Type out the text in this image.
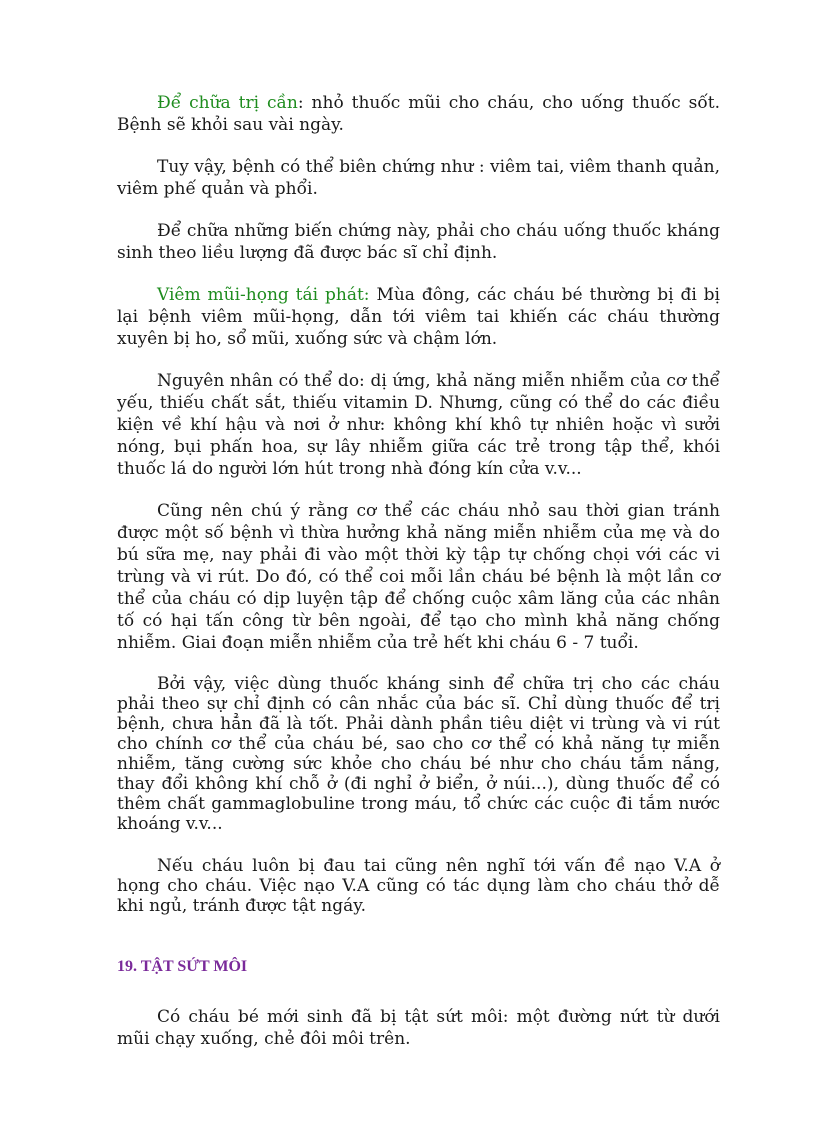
Để chữa trị cần: nhỏ thuốc mũi cho cháu, cho uống thuốc sốt. Bệnh sẽ khỏi sau vài ngày.

Tuy vậy, bệnh có thể biên chứng như : viêm tai, viêm thanh quản, viêm phế quản và phổi.

Để chữa những biến chứng này, phải cho cháu uống thuốc kháng sinh theo liều lượng đã được bác sĩ chỉ định.

Viêm mũi-họng tái phát: Mùa đông, các cháu bé thường bị đi bị lại bệnh viêm mũi-họng, dẫn tới viêm tai khiến các cháu thường xuyên bị ho, sổ mũi, xuống sức và chậm lớn.

Nguyên nhân có thể do: dị ứng, khả năng miễn nhiễm của cơ thể yếu, thiếu chất sắt, thiếu vitamin D. Nhưng, cũng có thể do các điều kiện về khí hậu và nơi ở như: không khí khô tự nhiên hoặc vì sưởi nóng, bụi phấn hoa, sự lây nhiễm giữa các trẻ trong tập thể, khói thuốc lá do người lớn hút trong nhà đóng kín cửa v.v...

Cũng nên chú ý rằng cơ thể các cháu nhỏ sau thời gian tránh được một số bệnh vì thừa hưởng khả năng miễn nhiễm của mẹ và do bú sữa mẹ, nay phải đi vào một thời kỳ tập tự chống chọi với các vi trùng và vi rút. Do đó, có thể coi mỗi lần cháu bé bệnh là một lần cơ thể của cháu có dịp luyện tập để chống cuộc xâm lăng của các nhân tố có hại tấn công từ bên ngoài, để tạo cho mình khả năng chống nhiễm. Giai đoạn miễn nhiễm của trẻ hết khi cháu 6 - 7 tuổi.

Bởi vậy, việc dùng thuốc kháng sinh để chữa trị cho các cháu phải theo sự chỉ định có cân nhắc của bác sĩ. Chỉ dùng thuốc để trị bệnh, chưa hẳn đã là tốt. Phải dành phần tiêu diệt vi trùng và vi rút cho chính cơ thể của cháu bé, sao cho cơ thể có khả năng tự miễn nhiễm, tăng cường sức khỏe cho cháu bé như cho cháu tắm nắng, thay đổi không khí chỗ ở (đi nghỉ ở biển, ở núi...), dùng thuốc để có thêm chất gammaglobuline trong máu, tổ chức các cuộc đi tắm nước khoáng v.v...

Nếu cháu luôn bị đau tai cũng nên nghĩ tới vấn đề nạo V.A ở họng cho cháu. Việc nạo V.A cũng có tác dụng làm cho cháu thở dễ khi ngủ, tránh được tật ngáy.

19. TẬT SỨT MÔI

Có cháu bé mới sinh đã bị tật sứt môi: một đường nứt từ dưới mũi chạy xuống, chẻ đôi môi trên.
